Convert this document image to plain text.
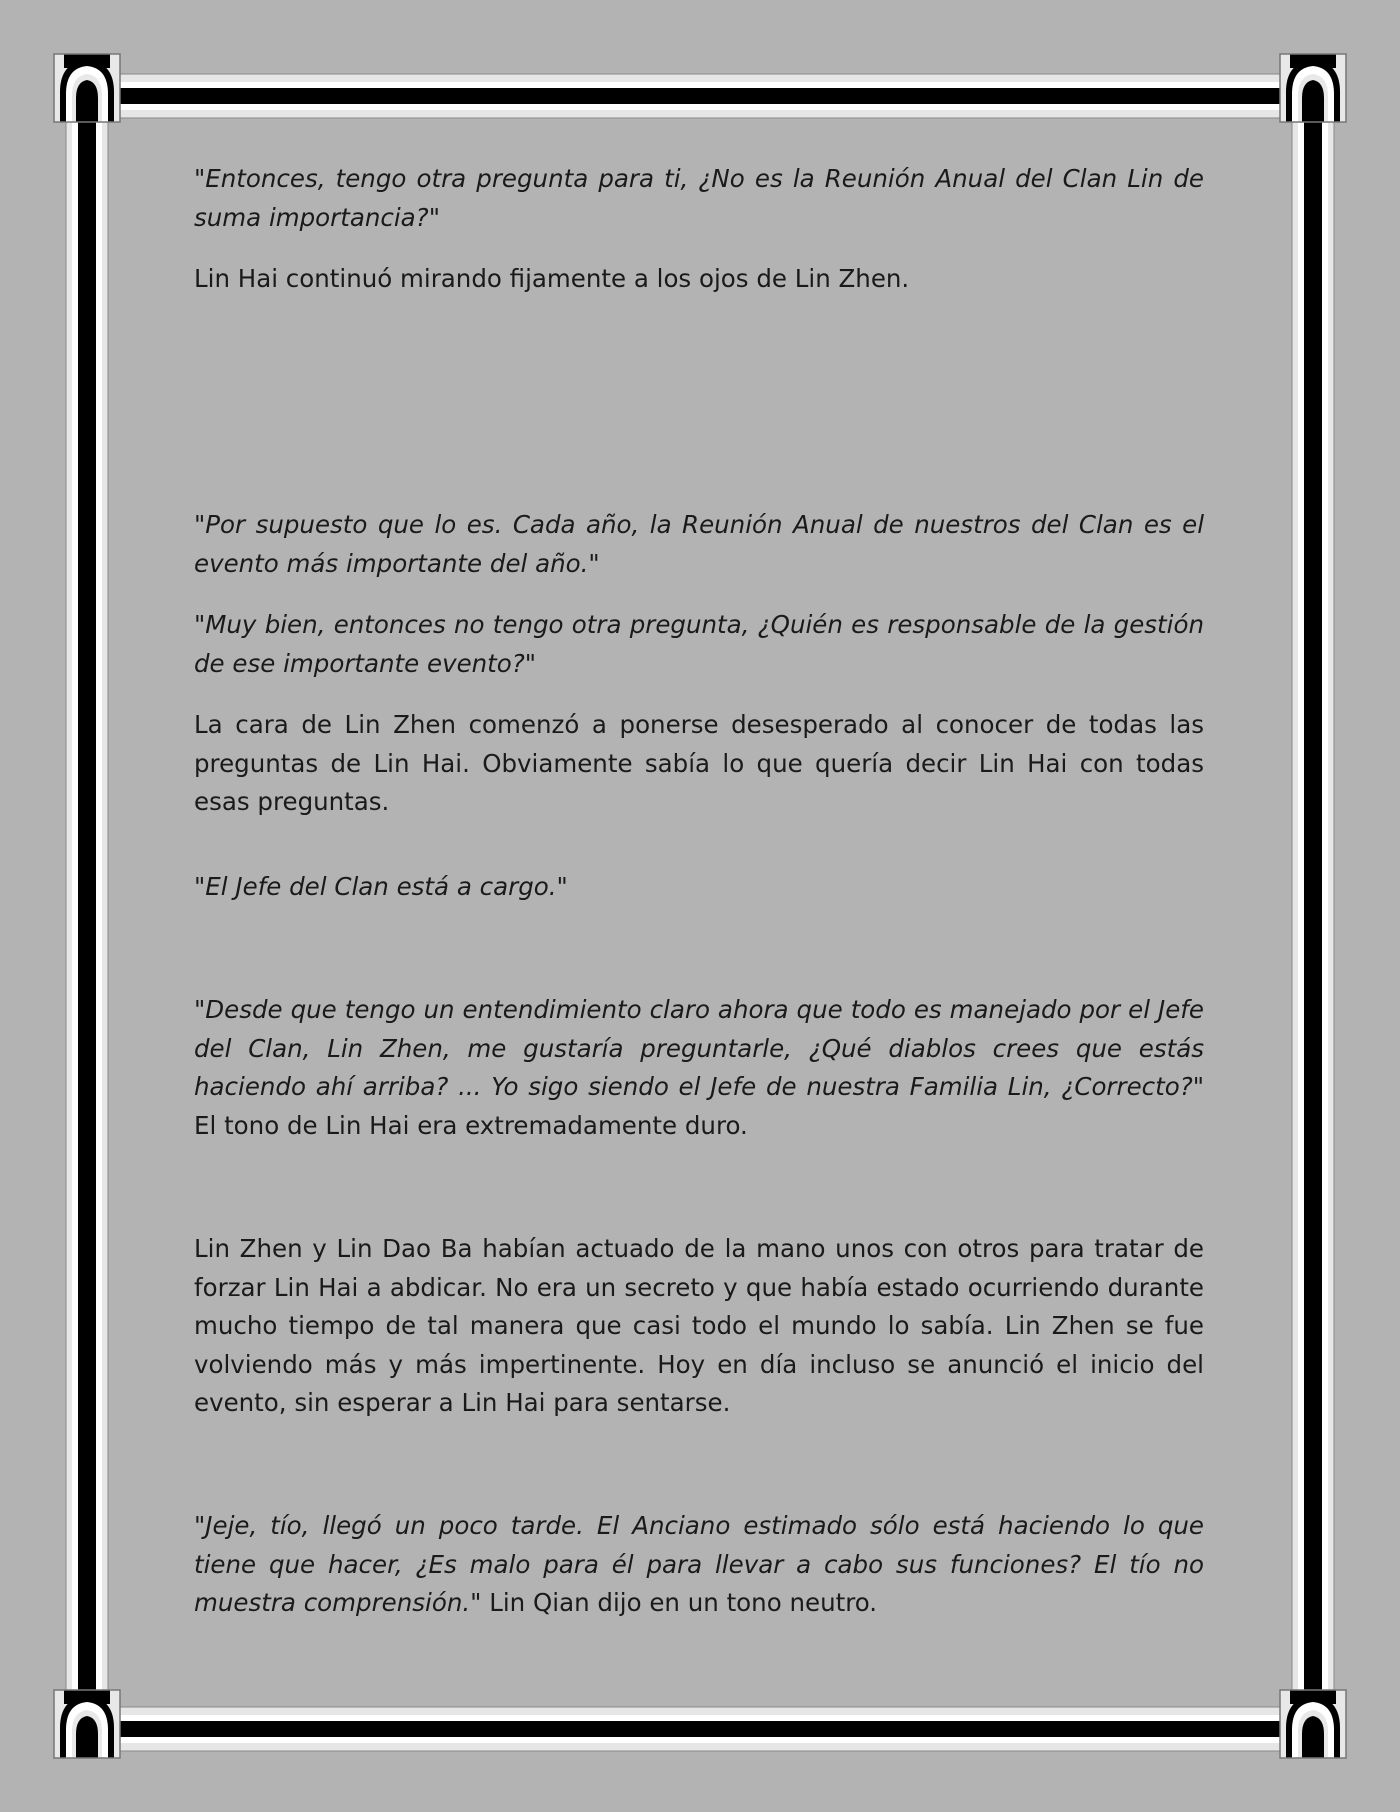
"Entonces, tengo otra pregunta para ti, ¿No es la Reunión Anual del Clan Lin de suma importancia?"

Lin Hai continuó mirando fijamente a los ojos de Lin Zhen.

"Por supuesto que lo es. Cada año, la Reunión Anual de nuestros del Clan es el evento más importante del año."

"Muy bien, entonces no tengo otra pregunta, ¿Quién es responsable de la gestión de ese importante evento?"

La cara de Lin Zhen comenzó a ponerse desesperado al conocer de todas las preguntas de Lin Hai. Obviamente sabía lo que quería decir Lin Hai con todas esas preguntas.

"El Jefe del Clan está a cargo."

"Desde que tengo un entendimiento claro ahora que todo es manejado por el Jefe del Clan, Lin Zhen, me gustaría preguntarle, ¿Qué diablos crees que estás haciendo ahí arriba? ... Yo sigo siendo el Jefe de nuestra Familia Lin, ¿Correcto?" El tono de Lin Hai era extremadamente duro.

Lin Zhen y Lin Dao Ba habían actuado de la mano unos con otros para tratar de forzar Lin Hai a abdicar. No era un secreto y que había estado ocurriendo durante mucho tiempo de tal manera que casi todo el mundo lo sabía. Lin Zhen se fue volviendo más y más impertinente. Hoy en día incluso se anunció el inicio del evento, sin esperar a Lin Hai para sentarse.

"Jeje, tío, llegó un poco tarde. El Anciano estimado sólo está haciendo lo que tiene que hacer, ¿Es malo para él para llevar a cabo sus funciones? El tío no muestra comprensión." Lin Qian dijo en un tono neutro.
